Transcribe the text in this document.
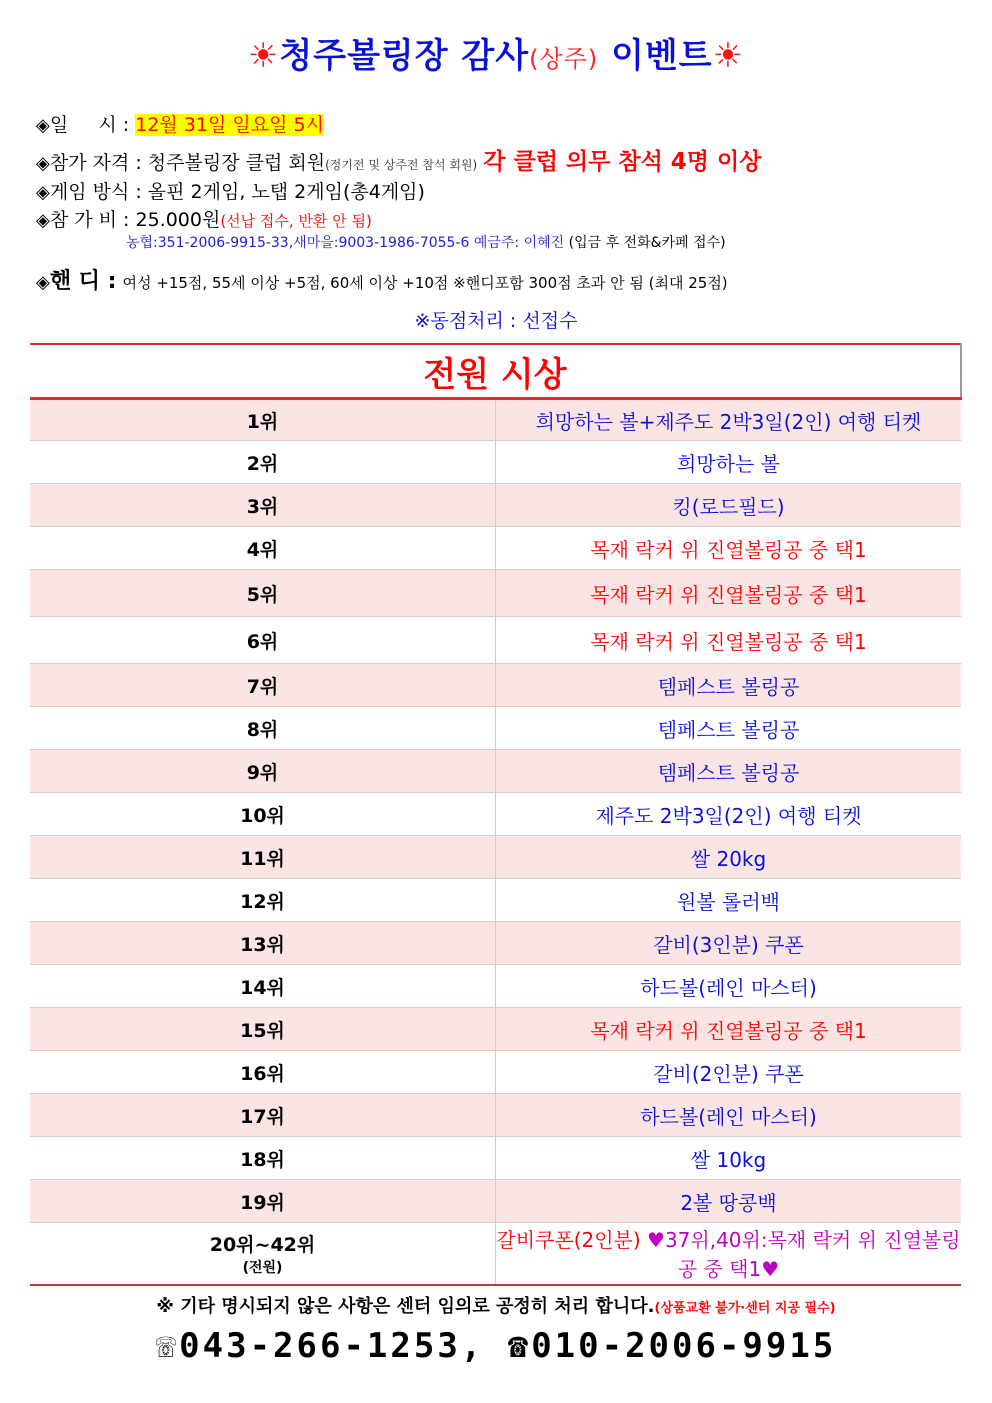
☀청주볼링장 감사(상주) 이벤트☀
◈일     시 : 12월 31일 일요일 5시
◈참가 자격 : 청주볼링장 클럽 회원(정기전 및 상주전 참석 회원) 각 클럽 의무 참석 4명 이상
◈게임 방식 : 올핀 2게임, 노탭 2게임(총4게임)
◈참 가 비 : 25.000원(선납 접수, 반환 안 됨)
농협:351-2006-9915-33,새마을:9003-1986-7055-6 예금주: 이혜진 (입금 후 전화&카페 접수)
◈핸 디 : 여성 +15점, 55세 이상 +5점, 60세 이상 +10점 ※핸디포함 300점 초과 안 됨 (최대 25점)
※동점처리 : 선접수
전원 시상	
1위	희망하는 볼+제주도 2박3일(2인) 여행 티켓
2위	희망하는 볼
3위	킹(로드필드)
4위	목재 락커 위 진열볼링공 중 택1
5위	목재 락커 위 진열볼링공 중 택1
6위	목재 락커 위 진열볼링공 중 택1
7위	템페스트 볼링공
8위	템페스트 볼링공
9위	템페스트 볼링공
10위	제주도 2박3일(2인) 여행 티켓
11위	쌀 20kg
12위	원볼 롤러백
13위	갈비(3인분) 쿠폰
14위	하드볼(레인 마스터)
15위	목재 락커 위 진열볼링공 중 택1
16위	갈비(2인분) 쿠폰
17위	하드볼(레인 마스터)
18위	쌀 10kg
19위	2볼 땅콩백
20위~42위
(전원)	갈비쿠폰(2인분) ♥37위,40위:목재 락커 위 진열볼링공 중 택1♥
※ 기타 명시되지 않은 사항은 센터 임의로 공정히 처리 합니다.(상품교환 불가·센터 지공 필수)
☏043-266-1253, ☎010-2006-9915
